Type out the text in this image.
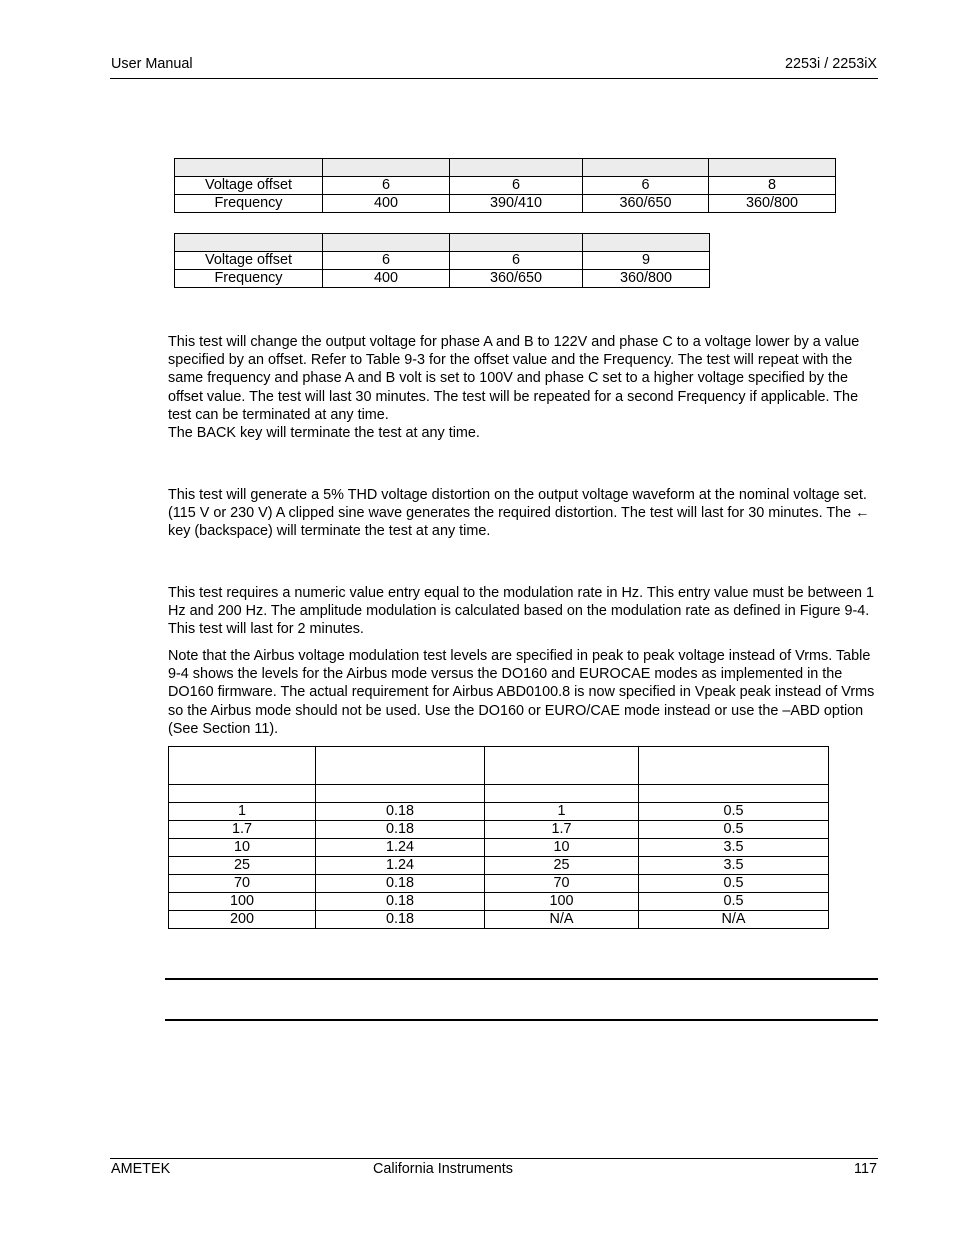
User Manual	2253i / 2253iX

Voltage offset	6	6	6	8
Frequency	400	390/410	360/650	360/800

Voltage offset	6	6	9
Frequency	400	360/650	360/800

This test will change the output voltage for phase A and B to 122V and phase C to a voltage lower by a value specified by an offset. Refer to Table 9-3 for the offset value and the Frequency. The test will repeat with the same frequency and phase A and B volt is set to 100V and phase C set to a higher voltage specified by the offset value. The test will last 30 minutes. The test will be repeated for a second Frequency if applicable. The test can be terminated at any time.

The BACK key will terminate the test at any time.

This test will generate a 5% THD voltage distortion on the output voltage waveform at the nominal voltage set. (115 V or 230 V) A clipped sine wave generates the required distortion. The test will last for 30 minutes. The ← key (backspace) will terminate the test at any time.

This test requires a numeric value entry equal to the modulation rate in Hz. This entry value must be between 1 Hz and 200 Hz. The amplitude modulation is calculated based on the modulation rate as defined in Figure 9-4. This test will last for 2 minutes.

Note that the Airbus voltage modulation test levels are specified in peak to peak voltage instead of Vrms. Table 9-4 shows the levels for the Airbus mode versus the DO160 and EUROCAE modes as implemented in the DO160 firmware. The actual requirement for Airbus ABD0100.8 is now specified in Vpeak peak instead of Vrms so the Airbus mode should not be used. Use the DO160 or EURO/CAE mode instead or use the –ABD option (See Section 11).

1	0.18	1	0.5
1.7	0.18	1.7	0.5
10	1.24	10	3.5
25	1.24	25	3.5
70	0.18	70	0.5
100	0.18	100	0.5
200	0.18	N/A	N/A
AMETEK	California Instruments	117
